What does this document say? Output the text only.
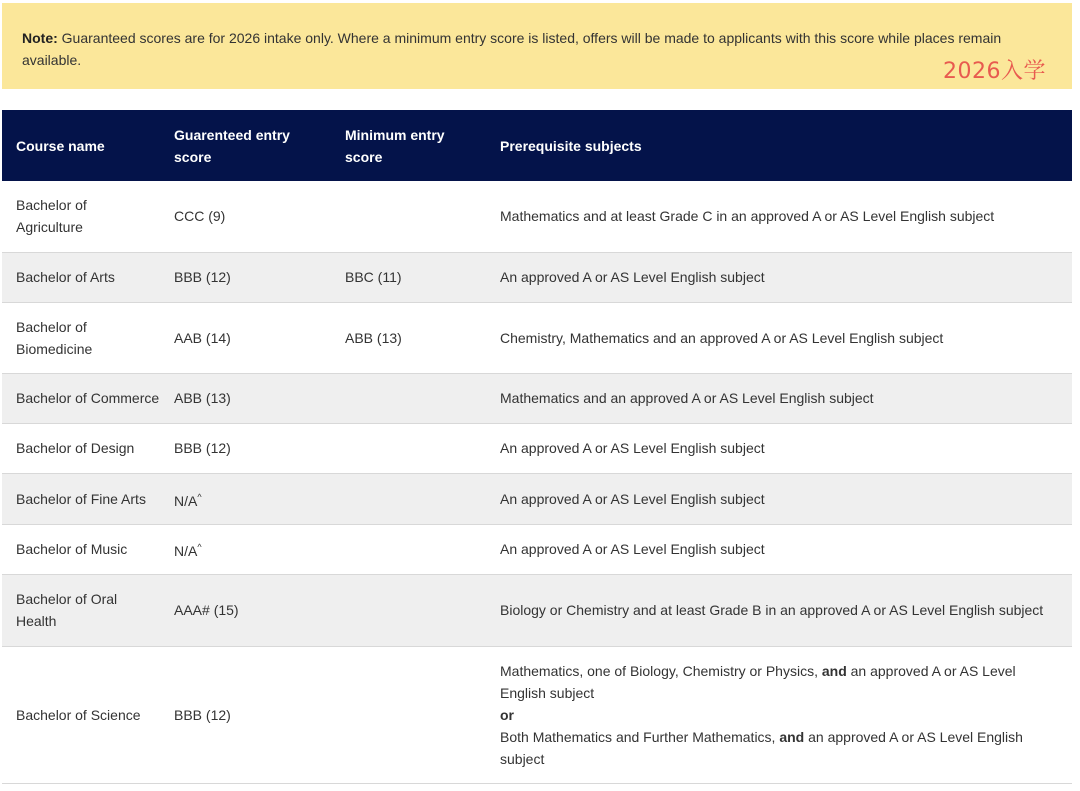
Note: Guaranteed scores are for 2026 intake only. Where a minimum entry score is listed, offers will be made to applicants with this score while places remain available.	2026入学
Course name	Guarenteed entry score	Minimum entry score	Prerequisite subjects

Bachelor of Agriculture	CCC (9)		Mathematics and at least Grade C in an approved A or AS Level English subject
Bachelor of Arts	BBB (12)	BBC (11)	An approved A or AS Level English subject

Bachelor of Biomedicine	AAB (14)	ABB (13)	Chemistry, Mathematics and an approved A or AS Level English subject
Bachelor of Commerce	ABB (13)		Mathematics and an approved A or AS Level English subject
Bachelor of Design	BBB (12)		An approved A or AS Level English subject
Bachelor of Fine Arts	N/A^		An approved A or AS Level English subject
Bachelor of Music	N/A^		An approved A or AS Level English subject

Bachelor of Oral Health	AAA# (15)		Biology or Chemistry and at least Grade B in an approved A or AS Level English subject
Bachelor of Science	BBB (12)		Mathematics, one of Biology, Chemistry or Physics, and an approved A or AS Level English subject
or
Both Mathematics and Further Mathematics, and an approved A or AS Level English subject
